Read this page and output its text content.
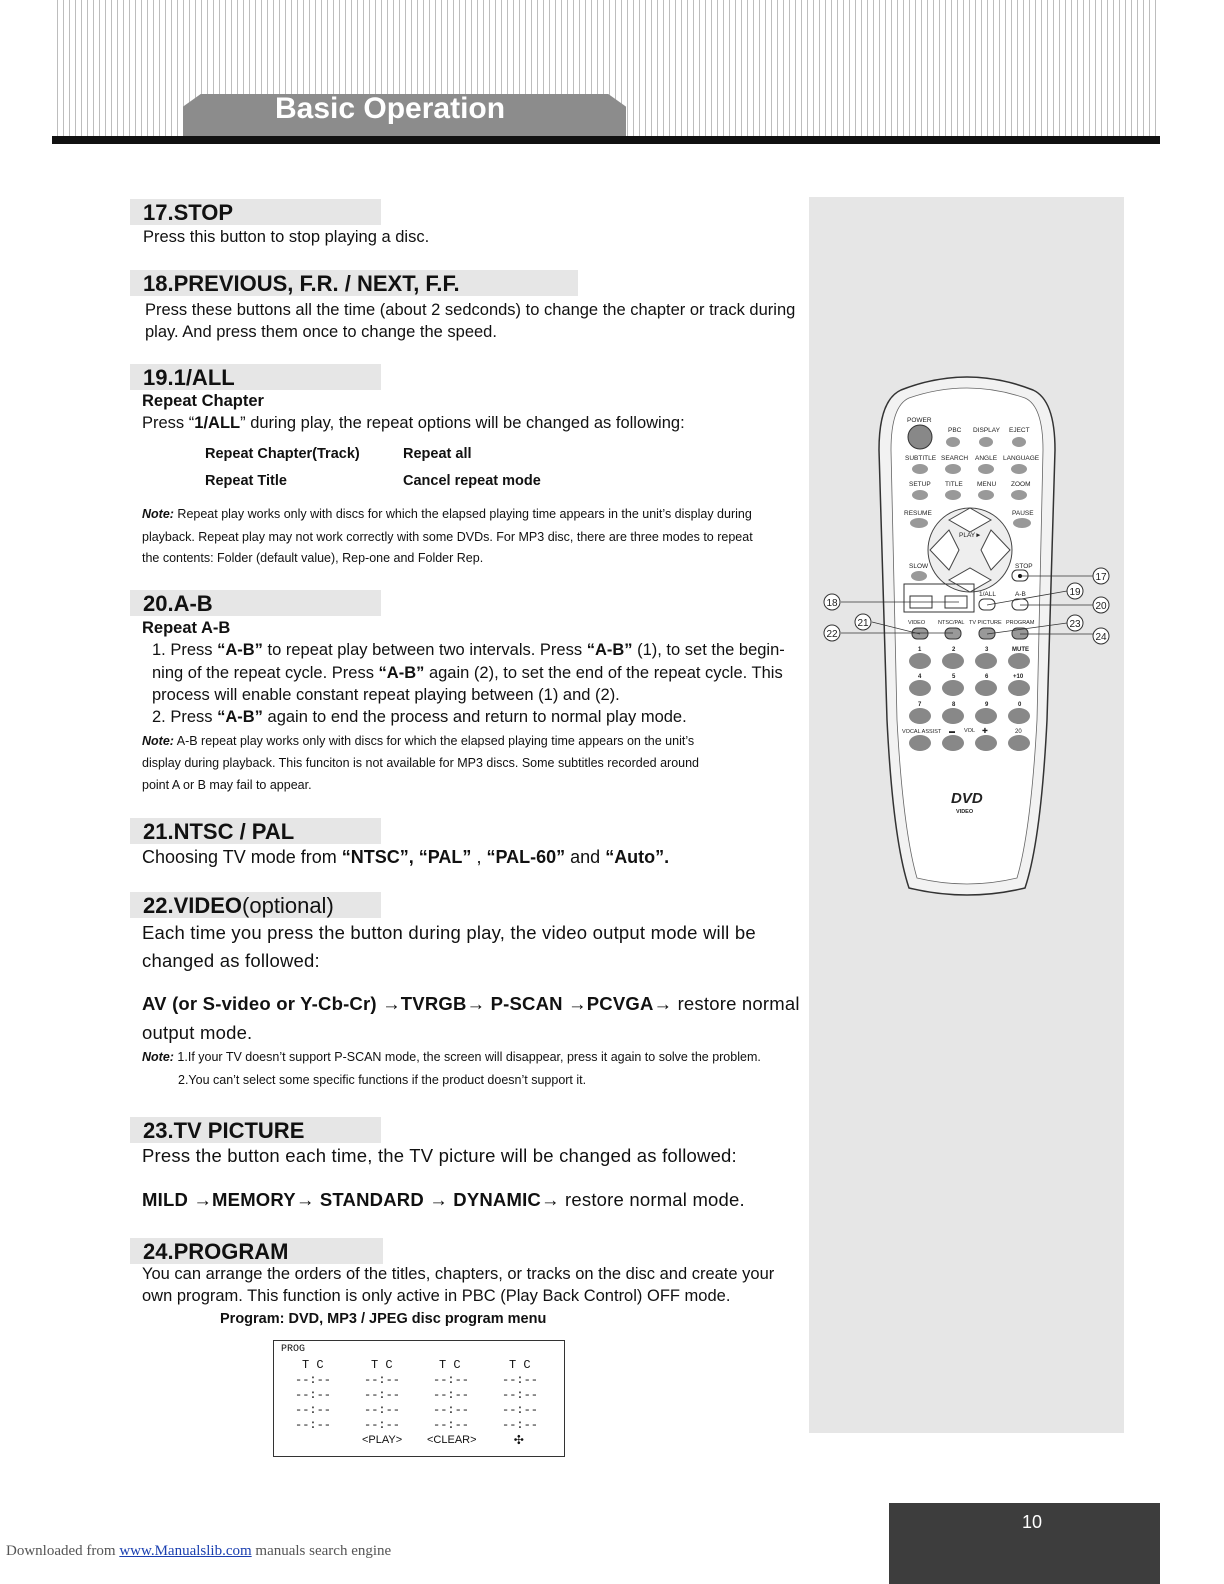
Basic Operation
17.STOP
Press this button to stop playing a disc.
18.PREVIOUS, F.R. / NEXT, F.F.
Press these buttons all the time (about 2 sedconds) to change the chapter or track during
play. And press them once to change the speed.
19.1/ALL
Repeat Chapter
Press “1/ALL” during play, the repeat options will be changed as following:
Repeat Chapter(Track)	Repeat all
Repeat Title	Cancel repeat mode
Note: Repeat play works only with discs for which the elapsed playing time appears in the unit’s display during
playback. Repeat play may not work correctly with some DVDs. For MP3 disc, there are three modes to repeat
the contents: Folder (default value), Rep-one and Folder Rep.
20.A-B
Repeat A-B
1. Press “A-B” to repeat play between two intervals. Press “A-B” (1), to set the begin-
ning of the repeat cycle. Press “A-B” again (2), to set the end of the repeat cycle. This
process will enable constant repeat playing between (1) and (2).
2. Press “A-B” again to end the process and return to normal play mode.
Note: A-B repeat play works only with discs for which the elapsed playing time appears on the unit’s
display during playback. This funciton is not available for MP3 discs. Some subtitles recorded around
point A or B may fail to appear.
21.NTSC / PAL
Choosing TV mode from “NTSC”, “PAL” , “PAL-60” and “Auto”.
22.VIDEO(optional)
Each time you press the button during play, the video output mode will be
changed as followed:
AV (or S-video or Y-Cb-Cr) →TVRGB→ P-SCAN →PCVGA→ restore normal
output mode.
Note: 1.If your TV doesn’t support P-SCAN mode, the screen will disappear, press it again to solve the problem.
2.You can’t select some specific functions if the product doesn’t support it.
23.TV PICTURE
Press the button each time, the TV picture will be changed as followed:
MILD →MEMORY→ STANDARD → DYNAMIC→ restore normal mode.
24.PROGRAM
You can arrange the orders of the titles, chapters, or tracks on the disc and create your
own program. This function is only active in PBC (Play Back Control) OFF mode.
Program: DVD, MP3 / JPEG disc program menu
PROG
T C	T C	T C	T C
--:--	--:--	--:--	--:--
--:--	--:--	--:--	--:--
--:--	--:--	--:--	--:--
--:--	--:--	--:--	--:--
<PLAY> <CLEAR> ✣
POWER
PBC DISPLAY EJECT
SUBTITLE SEARCH ANGLE LANGUAGE
SETUP TITLE MENU ZOOM
RESUME	PAUSE
PLAY►
SLOW	STOP
1/ALL	A-B
VIDEO NTSC/PAL TV PICTURE PROGRAM
1	2	3	MUTE
4	5	6	+10
7	8	9	0
VOCAL ASSIST ▬ VOL ✚	20
DVD
VIDEO
17
19
20
18
21
22
23
24
10
Downloaded from www.Manualslib.com manuals search engine
